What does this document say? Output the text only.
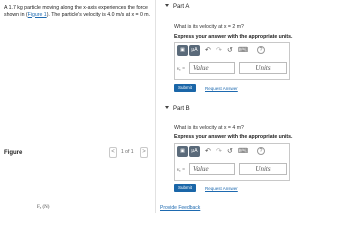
A 1.7 kg particle moving along the x-axis experiences the force
shown in (Figure 1). The particle's velocity is 4.0 m/s at x = 0 m.
Figure	<	1 of 1	>
Fₓ (N)
Part A
What is its velocity at x = 2 m?
Express your answer with the appropriate units.
▣	μA	↶ ↷ ↺ ⌨	?
vₓ =	Value	Units
Submit	Request Answer
Part B
What is its velocity at x = 4 m?
Express your answer with the appropriate units.
▣	μA	↶ ↷ ↺ ⌨	?
vₓ =	Value	Units
Submit	Request Answer
Provide Feedback
